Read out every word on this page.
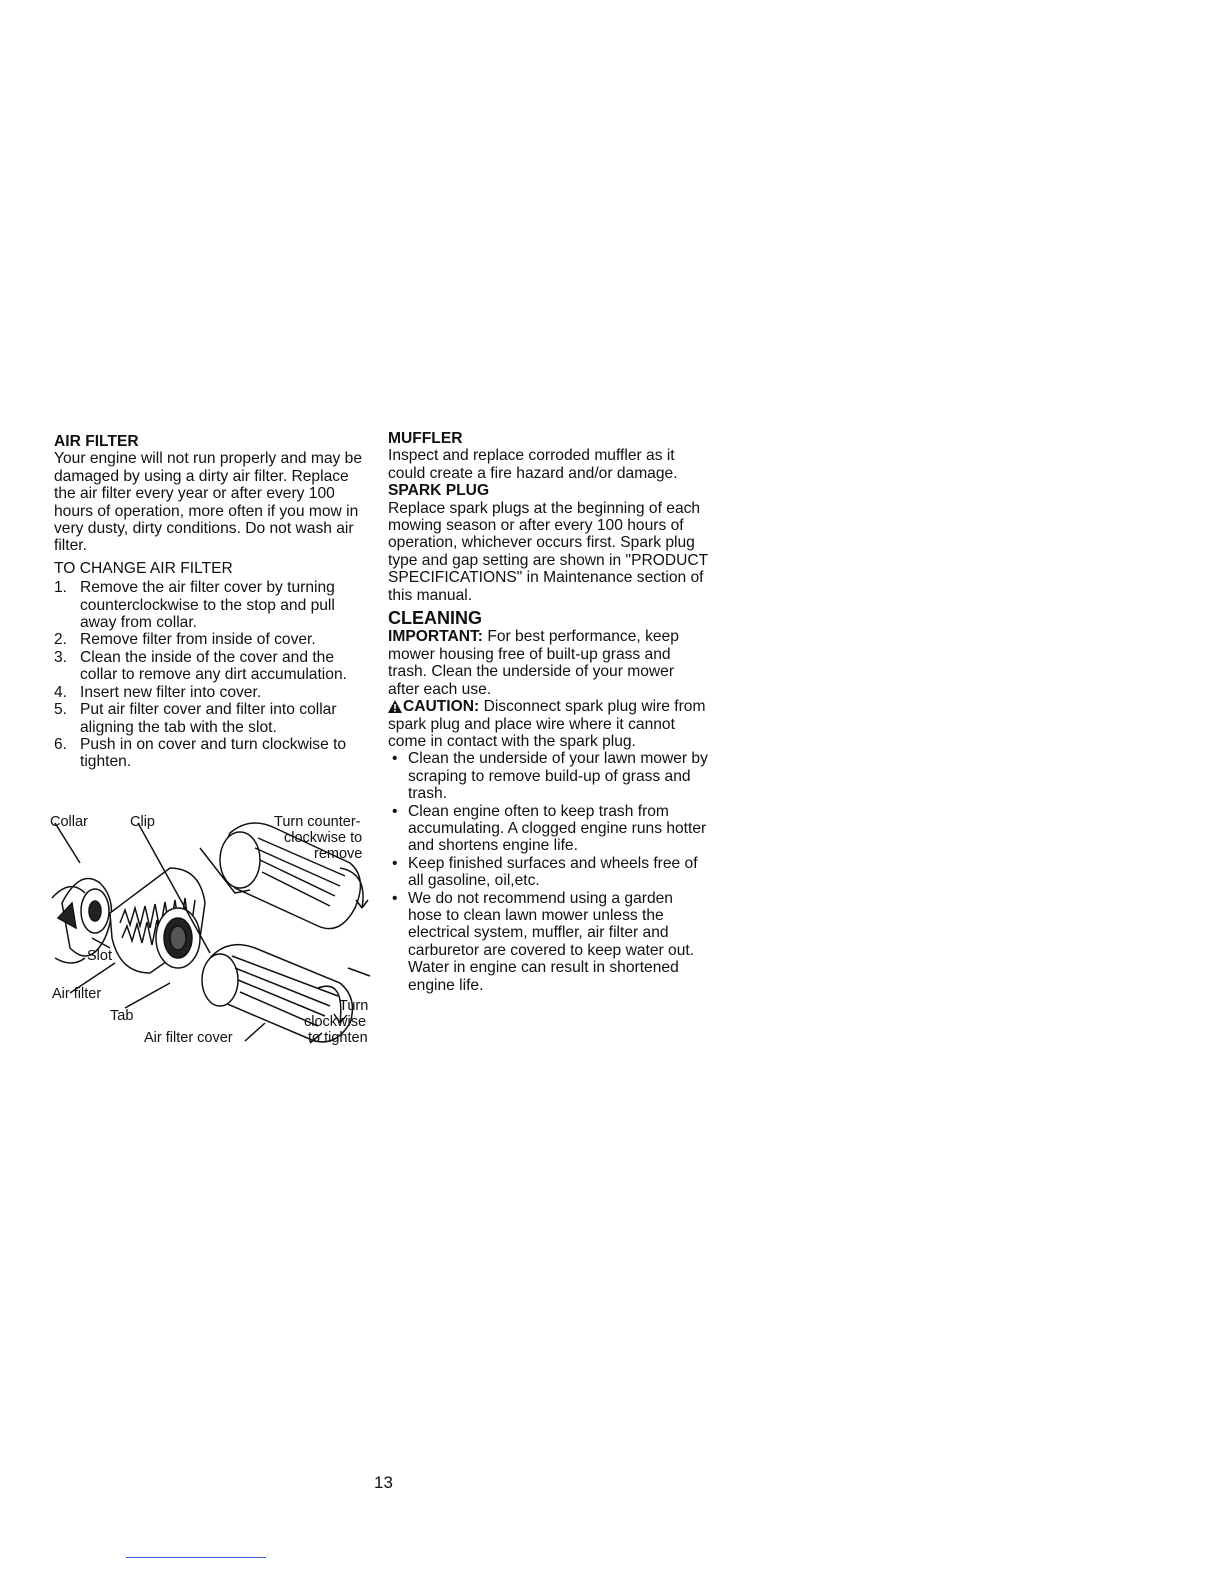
AIR FILTER

Your engine will not run properly and may be damaged by using a dirty air filter. Replace the air filter every year or after every 100 hours of operation, more often if you mow in very dusty, dirty conditions. Do not wash air filter.

TO CHANGE AIR FILTER

1. Remove the air filter cover by turning counterclockwise to the stop and pull away from collar.
2. Remove filter from inside of cover.
3. Clean the inside of the cover and the collar to remove any dirt accumulation.
4. Insert new filter into cover.
5. Put air filter cover and filter into collar aligning the tab with the slot.
6. Push in on cover and turn clockwise to tighten.
Collar	Clip	Turn counter-
clockwise to
remove
Slot
Air filter
Tab
Air filter cover
Turn
clockwise
to tighten
MUFFLER

Inspect and replace corroded muffler as it could create a fire hazard and/or damage.

SPARK PLUG

Replace spark plugs at the beginning of each mowing season or after every 100 hours of operation, whichever occurs first. Spark plug type and gap setting are shown in "PRODUCT SPECIFICATIONS" in Maintenance section of this manual.

CLEANING

IMPORTANT: For best performance, keep mower housing free of built-up grass and trash. Clean the underside of your mower after each use.

CAUTION: Disconnect spark plug wire from spark plug and place wire where it cannot come in contact with the spark plug.

• Clean the underside of your lawn mower by scraping to remove build-up of grass and trash.
• Clean engine often to keep trash from accumulating. A clogged engine runs hotter and shortens engine life.
• Keep finished surfaces and wheels free of all gasoline, oil,etc.
• We do not recommend using a garden hose to clean lawn mower unless the electrical system, muffler, air filter and carburetor are covered to keep water out. Water in engine can result in shortened engine life.
13
